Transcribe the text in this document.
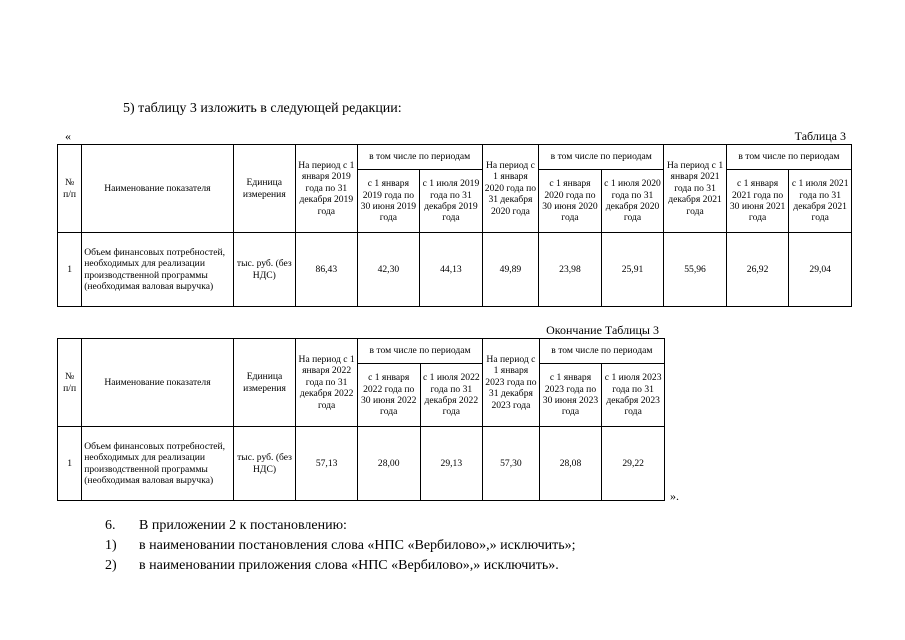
5) таблицу 3 изложить в следующей редакции:
«	Таблица 3
№ п/п	Наименование показателя	Единица измерения	На период с 1 января 2019 года по 31 декабря 2019 года	в том числе по периодам		На период с 1 января 2020 года по 31 декабря 2020 года	в том числе по периодам		На период с 1 января 2021 года по 31 декабря 2021 года	в том числе по периодам	
				с 1 января 2019 года по 30 июня 2019 года	с 1 июля 2019 года по 31 декабря 2019 года		с 1 января 2020 года по 30 июня 2020 года	с 1 июля 2020 года по 31 декабря 2020 года		с 1 января 2021 года по 30 июня 2021 года	с 1 июля 2021 года по 31 декабря 2021 года
1	Объем финансовых потребностей, необходимых для реализации производственной программы (необходимая валовая выручка)	тыс. руб. (без НДС)	86,43	42,30	44,13	49,89	23,98	25,91	55,96	26,92	29,04
Окончание Таблицы 3
№ п/п	Наименование показателя	Единица измерения	На период с 1 января 2022 года по 31 декабря 2022 года	в том числе по периодам		На период с 1 января 2023 года по 31 декабря 2023 года	в том числе по периодам	
				с 1 января 2022 года по 30 июня 2022 года	с 1 июля 2022 года по 31 декабря 2022 года		с 1 января 2023 года по 30 июня 2023 года	с 1 июля 2023 года по 31 декабря 2023 года
1	Объем финансовых потребностей, необходимых для реализации производственной программы (необходимая валовая выручка)	тыс. руб. (без НДС)	57,13	28,00	29,13	57,30	28,08	29,22
».
6. В приложении 2 к постановлению:
1) в наименовании постановления слова «НПС «Вербилово»,» исключить»;
2) в наименовании приложения слова «НПС «Вербилово»,» исключить».
